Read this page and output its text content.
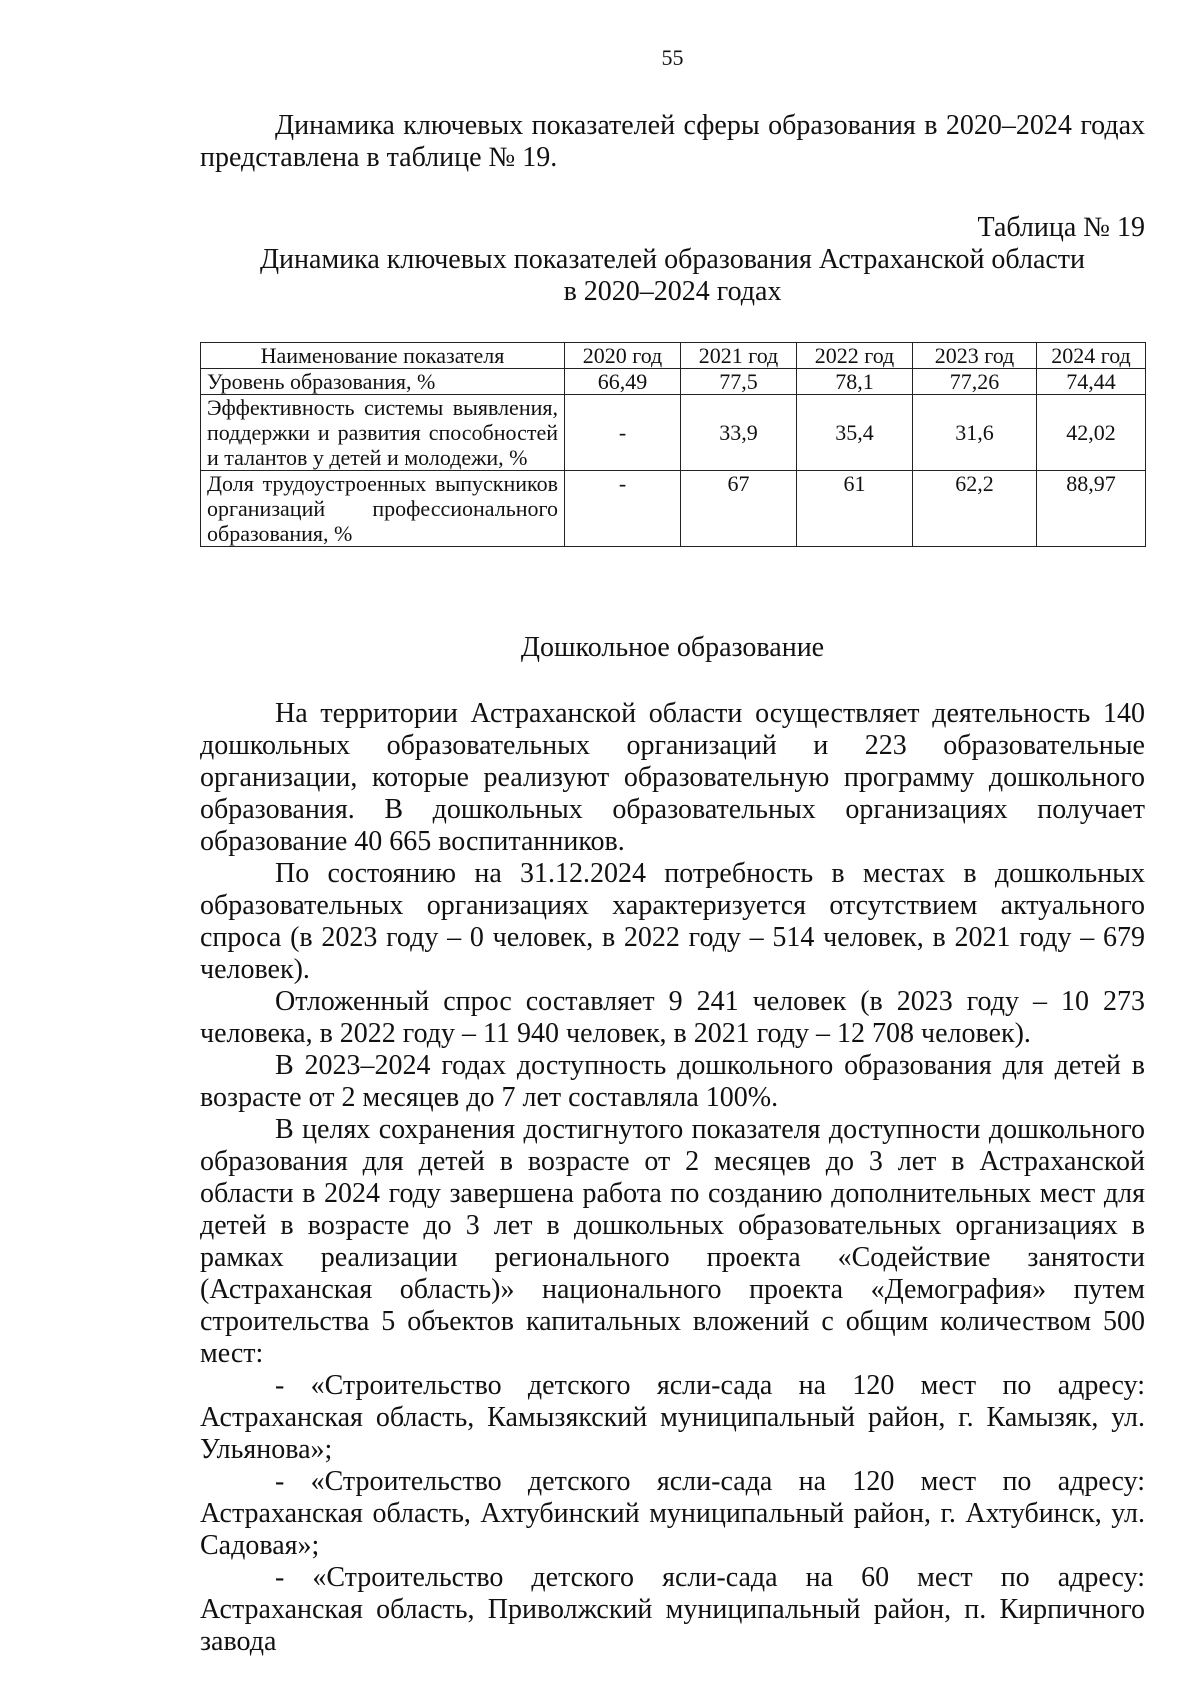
55

Динамика ключевых показателей сферы образования в 2020–2024 годах представлена в таблице № 19.

Таблица № 19
Динамика ключевых показателей образования Астраханской области
в 2020–2024 годах
Наименование показателя	2020 год	2021 год	2022 год	2023 год	2024 год
Уровень образования, %	66,49	77,5	78,1	77,26	74,44
Эффективность системы выявления, поддержки и развития способностей и талантов у детей и молодежи, %	-	33,9	35,4	31,6	42,02
Доля трудоустроенных выпускников организаций профессионального образования, %	-	67	61	62,2	88,97
Дошкольное образование

На территории Астраханской области осуществляет деятельность 140 дошкольных образовательных организаций и 223 образовательные организации, которые реализуют образовательную программу дошкольного образования. В дошкольных образовательных организациях получает образование 40 665 воспитанников.

По состоянию на 31.12.2024 потребность в местах в дошкольных образовательных организациях характеризуется отсутствием актуального спроса (в 2023 году – 0 человек, в 2022 году – 514 человек, в 2021 году – 679 человек).

Отложенный спрос составляет 9 241 человек (в 2023 году – 10 273 человека, в 2022 году – 11 940 человек, в 2021 году – 12 708 человек).

В 2023–2024 годах доступность дошкольного образования для детей в возрасте от 2 месяцев до 7 лет составляла 100%.

В целях сохранения достигнутого показателя доступности дошкольного образования для детей в возрасте от 2 месяцев до 3 лет в Астраханской области в 2024 году завершена работа по созданию дополнительных мест для детей в возрасте до 3 лет в дошкольных образовательных организациях в рамках реализации регионального проекта «Содействие занятости (Астраханская область)» национального проекта «Демография» путем строительства 5 объектов капитальных вложений с общим количеством 500 мест:

- «Строительство детского ясли-сада на 120 мест по адресу: Астраханская область, Камызякский муниципальный район, г. Камызяк, ул. Ульянова»;

- «Строительство детского ясли-сада на 120 мест по адресу: Астраханская область, Ахтубинский муниципальный район, г. Ахтубинск, ул. Садовая»;

- «Строительство детского ясли-сада на 60 мест по адресу: Астраханская область, Приволжский муниципальный район, п. Кирпичного завода
